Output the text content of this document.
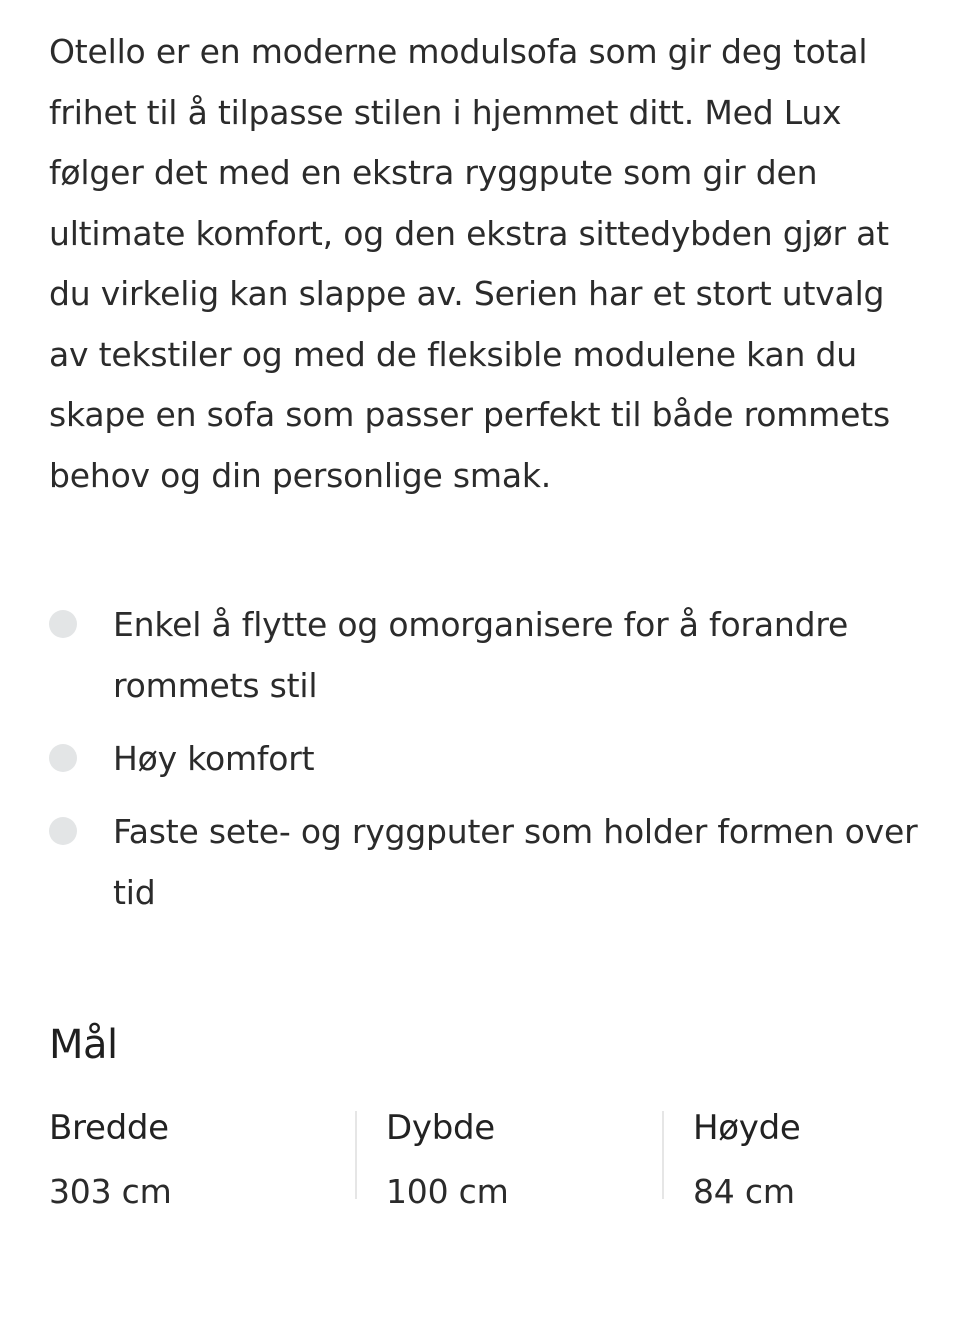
Otello er en moderne modulsofa som gir deg total frihet til å tilpasse stilen i hjemmet ditt. Med Lux følger det med en ekstra ryggpute som gir den ultimate komfort, og den ekstra sittedybden gjør at du virkelig kan slappe av. Serien har et stort utvalg av tekstiler og med de fleksible modulene kan du skape en sofa som passer perfekt til både rommets behov og din personlige smak.

Enkel å flytte og omorganisere for å forandre rommets stil
Høy komfort
Faste sete- og ryggputer som holder formen over tid
Mål
Bredde
303 cm
Dybde
100 cm
Høyde
84 cm
